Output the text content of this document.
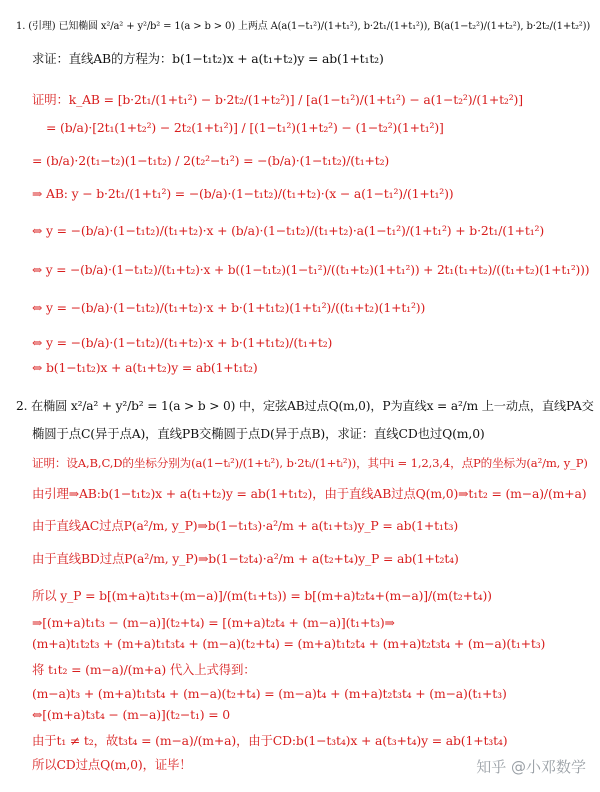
1. (引理) 已知椭圆 x²/a² + y²/b² = 1(a > b > 0) 上两点 A(a(1−t₁²)/(1+t₁²), b·2t₁/(1+t₁²)), B(a(1−t₂²)/(1+t₂²), b·2t₂/(1+t₂²))
求证：直线AB的方程为：b(1−t₁t₂)x + a(t₁+t₂)y = ab(1+t₁t₂)
证明：k_AB = [b·2t₁/(1+t₁²) − b·2t₂/(1+t₂²)] / [a(1−t₁²)/(1+t₁²) − a(1−t₂²)/(1+t₂²)]
= (b/a)·[2t₁(1+t₂²) − 2t₂(1+t₁²)] / [(1−t₁²)(1+t₂²) − (1−t₂²)(1+t₁²)]
= (b/a)·2(t₁−t₂)(1−t₁t₂) / 2(t₂²−t₁²) = −(b/a)·(1−t₁t₂)/(t₁+t₂)
⇒ AB: y − b·2t₁/(1+t₁²) = −(b/a)·(1−t₁t₂)/(t₁+t₂)·(x − a(1−t₁²)/(1+t₁²))
⇔ y = −(b/a)·(1−t₁t₂)/(t₁+t₂)·x + (b/a)·(1−t₁t₂)/(t₁+t₂)·a(1−t₁²)/(1+t₁²) + b·2t₁/(1+t₁²)
⇔ y = −(b/a)·(1−t₁t₂)/(t₁+t₂)·x + b((1−t₁t₂)(1−t₁²)/((t₁+t₂)(1+t₁²)) + 2t₁(t₁+t₂)/((t₁+t₂)(1+t₁²)))
⇔ y = −(b/a)·(1−t₁t₂)/(t₁+t₂)·x + b·(1+t₁t₂)(1+t₁²)/((t₁+t₂)(1+t₁²))
⇔ y = −(b/a)·(1−t₁t₂)/(t₁+t₂)·x + b·(1+t₁t₂)/(t₁+t₂)
⇔ b(1−t₁t₂)x + a(t₁+t₂)y = ab(1+t₁t₂)
2. 在椭圆 x²/a² + y²/b² = 1(a > b > 0) 中，定弦AB过点Q(m,0)，P为直线x = a²/m 上一动点，直线PA交
椭圆于点C(异于点A)，直线PB交椭圆于点D(异于点B)，求证：直线CD也过Q(m,0)
证明：设A,B,C,D的坐标分别为(a(1−tᵢ²)/(1+tᵢ²), b·2tᵢ/(1+tᵢ²))，其中i = 1,2,3,4，点P的坐标为(a²/m, y_P)
由引理⇒AB:b(1−t₁t₂)x + a(t₁+t₂)y = ab(1+t₁t₂)，由于直线AB过点Q(m,0)⇒t₁t₂ = (m−a)/(m+a)
由于直线AC过点P(a²/m, y_P)⇒b(1−t₁t₃)·a²/m + a(t₁+t₃)y_P = ab(1+t₁t₃)
由于直线BD过点P(a²/m, y_P)⇒b(1−t₂t₄)·a²/m + a(t₂+t₄)y_P = ab(1+t₂t₄)
所以 y_P = b[(m+a)t₁t₃+(m−a)]/(m(t₁+t₃)) = b[(m+a)t₂t₄+(m−a)]/(m(t₂+t₄))
⇒[(m+a)t₁t₃ − (m−a)](t₂+t₄) = [(m+a)t₂t₄ + (m−a)](t₁+t₃)⇒
(m+a)t₁t₂t₃ + (m+a)t₁t₃t₄ + (m−a)(t₂+t₄) = (m+a)t₁t₂t₄ + (m+a)t₂t₃t₄ + (m−a)(t₁+t₃)
将 t₁t₂ = (m−a)/(m+a) 代入上式得到：
(m−a)t₃ + (m+a)t₁t₃t₄ + (m−a)(t₂+t₄) = (m−a)t₄ + (m+a)t₂t₃t₄ + (m−a)(t₁+t₃)
⇔[(m+a)t₃t₄ − (m−a)](t₂−t₁) = 0
由于t₁ ≠ t₂，故t₃t₄ = (m−a)/(m+a)，由于CD:b(1−t₃t₄)x + a(t₃+t₄)y = ab(1+t₃t₄)
所以CD过点Q(m,0)，证毕！	知乎 @小邓数学
